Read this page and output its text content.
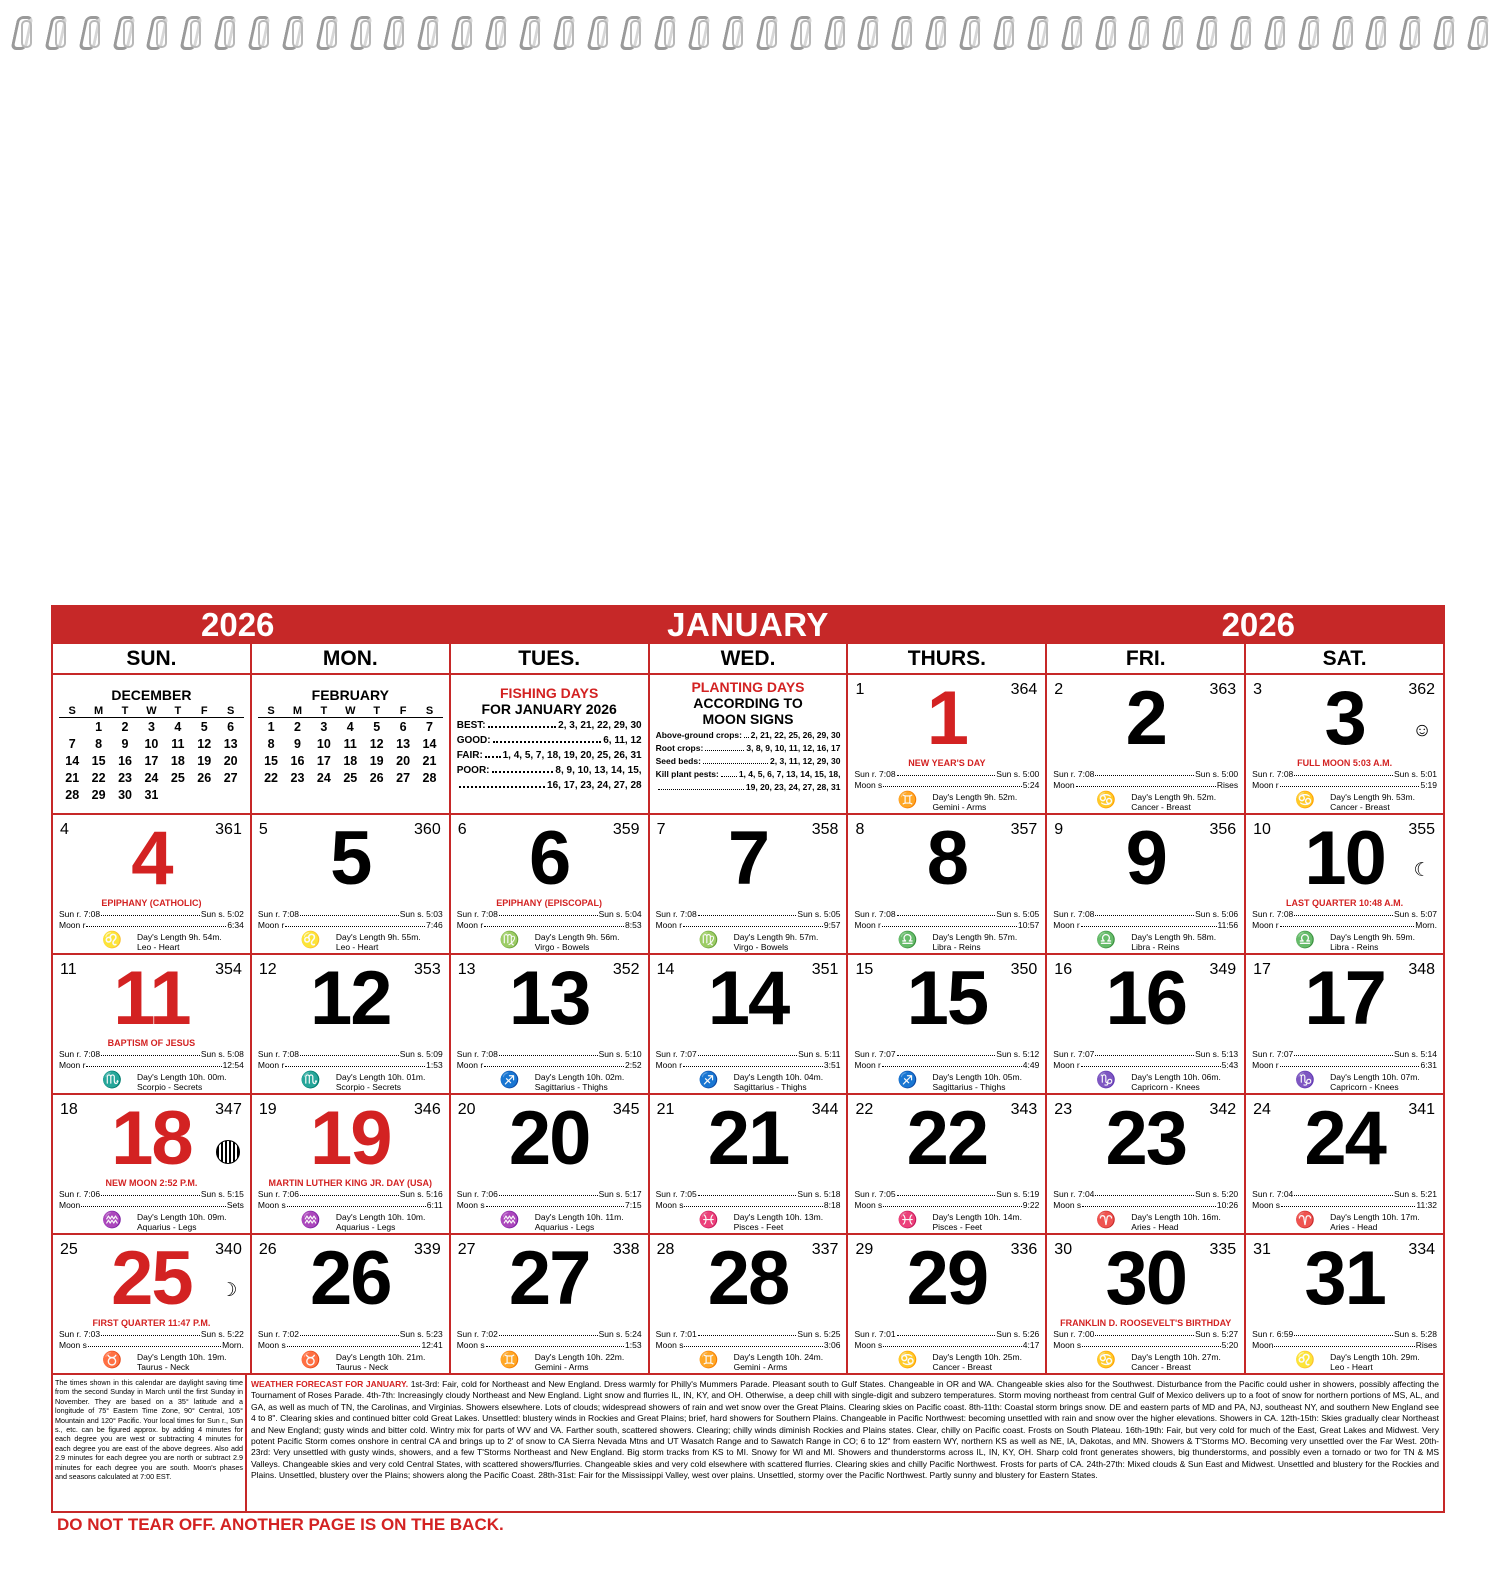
2026	JANUARY	2026
SUN.	MON.	TUES.	WED.	THURS.	FRI.	SAT.
DECEMBER
S	M	T	W	T	F	S
	1	2	3	4	5	6
7	8	9	10	11	12	13
14	15	16	17	18	19	20
21	22	23	24	25	26	27
28	29	30	31			
FEBRUARY
S	M	T	W	T	F	S
1	2	3	4	5	6	7
8	9	10	11	12	13	14
15	16	17	18	19	20	21
22	23	24	25	26	27	28
FISHING DAYS
FOR JANUARY 2026
BEST:	2, 3, 21, 22, 29, 30
GOOD:	6, 11, 12
FAIR: 1, 4, 5, 7, 18, 19, 20, 25, 26, 31
POOR:	8, 9, 10, 13, 14, 15,
16, 17, 23, 24, 27, 28
PLANTING DAYS
ACCORDING TO
MOON SIGNS
Above-ground crops: 2, 21, 22, 25, 26, 29, 30
Root crops:	3, 8, 9, 10, 11, 12, 16, 17
Seed beds:	2, 3, 11, 12, 29, 30
Kill plant pests: 1, 4, 5, 6, 7, 13, 14, 15, 18,
19, 20, 23, 24, 27, 28, 31
1	364
1
NEW YEAR'S DAY
Sun r. 7:08	Sun s. 5:00
Moon s	5:24
♊ Day's Length 9h. 52m.
Gemini - Arms
2	363
2
Sun r. 7:08	Sun s. 5:00
Moon	Rises
♋ Day's Length 9h. 52m.
Cancer - Breast
3	362
3	☺
FULL MOON 5:03 A.M.
Sun r. 7:08	Sun s. 5:01
Moon r	5:19
♋ Day's Length 9h. 53m.
Cancer - Breast
4	361
4
EPIPHANY (CATHOLIC)
Sun r. 7:08	Sun s. 5:02
Moon r	6:34
♌ Day's Length 9h. 54m.
Leo - Heart
5	360
5
Sun r. 7:08	Sun s. 5:03
Moon r	7:46
♌ Day's Length 9h. 55m.
Leo - Heart
6	359
6
EPIPHANY (EPISCOPAL)
Sun r. 7:08	Sun s. 5:04
Moon r	8:53
♍ Day's Length 9h. 56m.
Virgo - Bowels
7	358
7
Sun r. 7:08	Sun s. 5:05
Moon r	9:57
♍ Day's Length 9h. 57m.
Virgo - Bowels
8	357
8
Sun r. 7:08	Sun s. 5:05
Moon r	10:57
♎ Day's Length 9h. 57m.
Libra - Reins
9	356
9
Sun r. 7:08	Sun s. 5:06
Moon r	11:56
♎ Day's Length 9h. 58m.
Libra - Reins
10	355
10	☾
LAST QUARTER 10:48 A.M.
Sun r. 7:08	Sun s. 5:07
Moon r	Morn.
♎ Day's Length 9h. 59m.
Libra - Reins
11	354
11
BAPTISM OF JESUS
Sun r. 7:08	Sun s. 5:08
Moon r	12:54
♏ Day's Length 10h. 00m.
Scorpio - Secrets
12	353
12
Sun r. 7:08	Sun s. 5:09
Moon r	1:53
♏ Day's Length 10h. 01m.
Scorpio - Secrets
13	352
13
Sun r. 7:08	Sun s. 5:10
Moon r	2:52
♐ Day's Length 10h. 02m.
Sagittarius - Thighs
14	351
14
Sun r. 7:07	Sun s. 5:11
Moon r	3:51
♐ Day's Length 10h. 04m.
Sagittarius - Thighs
15	350
15
Sun r. 7:07	Sun s. 5:12
Moon r	4:49
♐ Day's Length 10h. 05m.
Sagittarius - Thighs
16	349
16
Sun r. 7:07	Sun s. 5:13
Moon r	5:43
♑ Day's Length 10h. 06m.
Capricorn - Knees
17	348
17
Sun r. 7:07	Sun s. 5:14
Moon r	6:31
♑ Day's Length 10h. 07m.
Capricorn - Knees
18	347
18
NEW MOON 2:52 P.M.
Sun r. 7:06	Sun s. 5:15
Moon	Sets
♒ Day's Length 10h. 09m.
Aquarius - Legs
19	346
19
MARTIN LUTHER KING JR. DAY (USA)
Sun r. 7:06	Sun s. 5:16
Moon s	6:11
♒ Day's Length 10h. 10m.
Aquarius - Legs
20	345
20
Sun r. 7:06	Sun s. 5:17
Moon s	7:15
♒ Day's Length 10h. 11m.
Aquarius - Legs
21	344
21
Sun r. 7:05	Sun s. 5:18
Moon s	8:18
♓ Day's Length 10h. 13m.
Pisces - Feet
22	343
22
Sun r. 7:05	Sun s. 5:19
Moon s	9:22
♓ Day's Length 10h. 14m.
Pisces - Feet
23	342
23
Sun r. 7:04	Sun s. 5:20
Moon s	10:26
♈ Day's Length 10h. 16m.
Aries - Head
24	341
24
Sun r. 7:04	Sun s. 5:21
Moon s	11:32
♈ Day's Length 10h. 17m.
Aries - Head
25	340
25	☽
FIRST QUARTER 11:47 P.M.
Sun r. 7:03	Sun s. 5:22
Moon s	Morn.
♉ Day's Length 10h. 19m.
Taurus - Neck
26	339
26
Sun r. 7:02	Sun s. 5:23
Moon s	12:41
♉ Day's Length 10h. 21m.
Taurus - Neck
27	338
27
Sun r. 7:02	Sun s. 5:24
Moon s	1:53
♊ Day's Length 10h. 22m.
Gemini - Arms
28	337
28
Sun r. 7:01	Sun s. 5:25
Moon s	3:06
♊ Day's Length 10h. 24m.
Gemini - Arms
29	336
29
Sun r. 7:01	Sun s. 5:26
Moon s	4:17
♋ Day's Length 10h. 25m.
Cancer - Breast
30	335
30
FRANKLIN D. ROOSEVELT'S BIRTHDAY
Sun r. 7:00	Sun s. 5:27
Moon s	5:20
♋ Day's Length 10h. 27m.
Cancer - Breast
31	334
31
Sun r. 6:59	Sun s. 5:28
Moon	Rises
♌ Day's Length 10h. 29m.
Leo - Heart
The times shown in this calendar are daylight saving time from the second Sunday in March until the first Sunday in November. They are based on a 35° latitude and a longitude of 75° Eastern Time Zone, 90° Central, 105° Mountain and 120° Pacific. Your local times for Sun r., Sun s., etc. can be figured approx. by adding 4 minutes for each degree you are west or subtracting 4 minutes for each degree you are east of the above degrees. Also add 2.9 minutes for each degree you are north or subtract 2.9 minutes for each degree you are south. Moon's phases and seasons calculated at 7:00 EST.
WEATHER FORECAST FOR JANUARY. 1st-3rd: Fair, cold for Northeast and New England. Dress warmly for Philly's Mummers Parade. Pleasant south to Gulf States. Changeable in OR and WA. Changeable skies also for the Southwest. Disturbance from the Pacific could usher in showers, possibly affecting the Tournament of Roses Parade. 4th-7th: Increasingly cloudy Northeast and New England. Light snow and flurries IL, IN, KY, and OH. Otherwise, a deep chill with single-digit and subzero temperatures. Storm moving northeast from central Gulf of Mexico delivers up to a foot of snow for northern portions of MS, AL, and GA, as well as much of TN, the Carolinas, and Virginias. Showers elsewhere. Lots of clouds; widespread showers of rain and wet snow over the Great Plains. Clearing skies on Pacific coast. 8th-11th: Coastal storm brings snow. DE and eastern parts of MD and PA, NJ, southeast NY, and southern New England see 4 to 8". Clearing skies and continued bitter cold Great Lakes. Unsettled: blustery winds in Rockies and Great Plains; brief, hard showers for Southern Plains. Changeable in Pacific Northwest: becoming unsettled with rain and snow over the higher elevations. Showers in CA. 12th-15th: Skies gradually clear Northeast and New England; gusty winds and bitter cold. Wintry mix for parts of WV and VA. Farther south, scattered showers. Clearing; chilly winds diminish Rockies and Plains states. Clear, chilly on Pacific coast. Frosts on South Plateau. 16th-19th: Fair, but very cold for much of the East, Great Lakes and Midwest. Very potent Pacific Storm comes onshore in central CA and brings up to 2' of snow to CA Sierra Nevada Mtns and UT Wasatch Range and to Sawatch Range in CO; 6 to 12" from eastern WY, northern KS as well as NE, IA, Dakotas, and MN. Showers & T'Storms MO. Becoming very unsettled over the Far West. 20th-23rd: Very unsettled with gusty winds, showers, and a few T'Storms Northeast and New England. Big storm tracks from KS to MI. Snowy for WI and MI. Showers and thunderstorms across IL, IN, KY, OH. Sharp cold front generates showers, big thunderstorms, and possibly even a tornado or two for TN & MS Valleys. Changeable skies and very cold Central States, with scattered showers/flurries. Changeable skies and very cold elsewhere with scattered flurries. Clearing skies and chilly Pacific Northwest. Frosts for parts of CA. 24th-27th: Mixed clouds & Sun East and Midwest. Unsettled and blustery for the Rockies and Plains. Unsettled, blustery over the Plains; showers along the Pacific Coast. 28th-31st: Fair for the Mississippi Valley, west over plains. Unsettled, stormy over the Pacific Northwest. Partly sunny and blustery for Eastern States.
DO NOT TEAR OFF. ANOTHER PAGE IS ON THE BACK.
